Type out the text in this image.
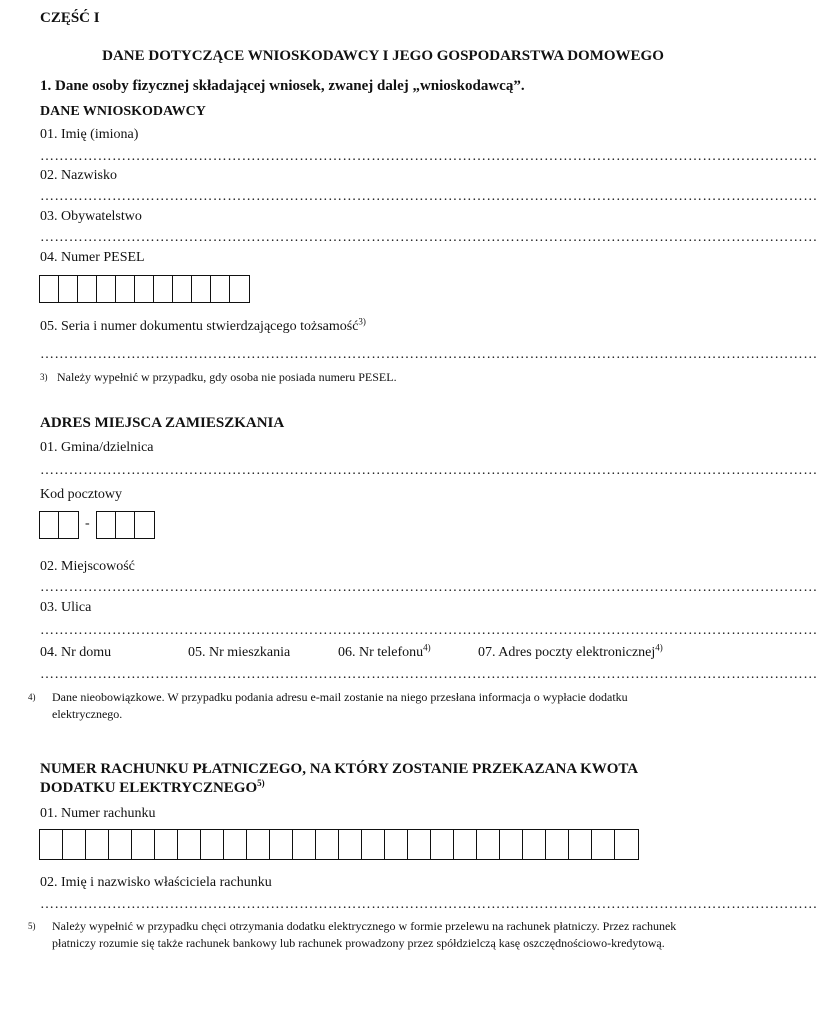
CZĘŚĆ I
DANE DOTYCZĄCE WNIOSKODAWCY I JEGO GOSPODARSTWA DOMOWEGO
1. Dane osoby fizycznej składającej wniosek, zwanej dalej „wnioskodawcą”.
DANE WNIOSKODAWCY
01. Imię (imiona)
………………………………………………………………………………………………………………………………………………
02. Nazwisko
………………………………………………………………………………………………………………………………………………
03. Obywatelstwo
………………………………………………………………………………………………………………………………………………
04. Numer PESEL
05. Seria i numer dokumentu stwierdzającego tożsamość$^{3)}$
………………………………………………………………………………………………………………………………………………
3) Należy wypełnić w przypadku, gdy osoba nie posiada numeru PESEL.
ADRES MIEJSCA ZAMIESZKANIA
01. Gmina/dzielnica
………………………………………………………………………………………………………………………………………………
Kod pocztowy
-
02. Miejscowość
………………………………………………………………………………………………………………………………………………
03. Ulica
………………………………………………………………………………………………………………………………………………
04. Nr domu	05. Nr mieszkania	06. Nr telefonu$^{4)}$	07. Adres poczty elektronicznej$^{4)}$
………………………………………………………………………………………………………………………………………………
4) Dane nieobowiązkowe. W przypadku podania adresu e-mail zostanie na niego przesłana informacja o wypłacie dodatku elektrycznego.
NUMER RACHUNKU PŁATNICZEGO, NA KTÓRY ZOSTANIE PRZEKAZANA KWOTA
DODATKU ELEKTRYCZNEGO$^{5)}$
01. Numer rachunku
02. Imię i nazwisko właściciela rachunku
………………………………………………………………………………………………………………………………………………
5) Należy wypełnić w przypadku chęci otrzymania dodatku elektrycznego w formie przelewu na rachunek płatniczy. Przez rachunek płatniczy rozumie się także rachunek bankowy lub rachunek prowadzony przez spółdzielczą kasę oszczędnościowo-kredytową.
